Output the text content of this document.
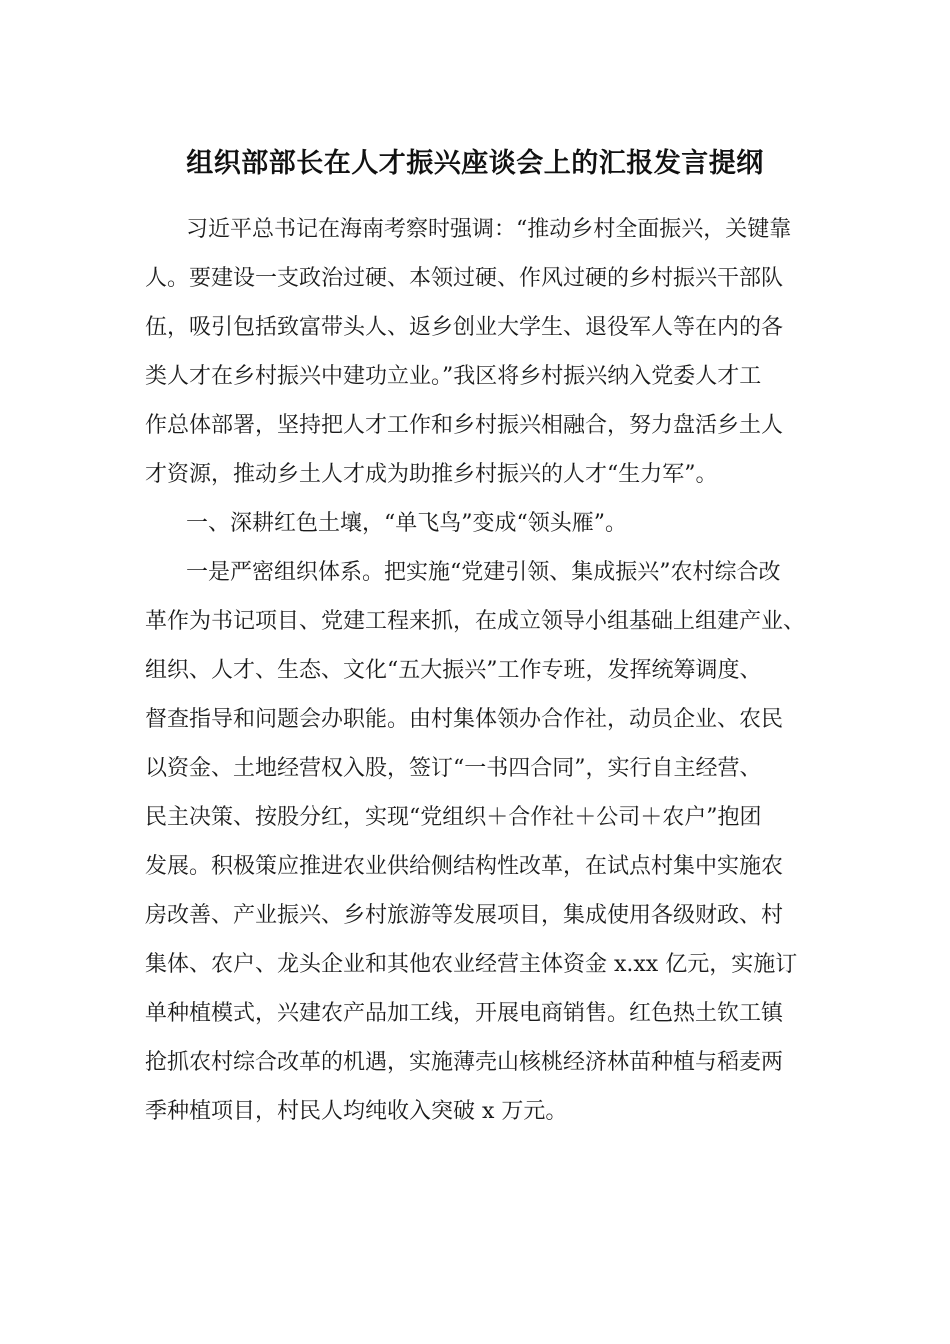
组织部部长在人才振兴座谈会上的汇报发言提纲
习近平总书记在海南考察时强调：“推动乡村全面振兴，关键靠
人。要建设一支政治过硬、本领过硬、作风过硬的乡村振兴干部队
伍，吸引包括致富带头人、返乡创业大学生、退役军人等在内的各
类人才在乡村振兴中建功立业。”我区将乡村振兴纳入党委人才工
作总体部署，坚持把人才工作和乡村振兴相融合，努力盘活乡土人
才资源，推动乡土人才成为助推乡村振兴的人才“生力军”。
一、深耕红色土壤，“单飞鸟”变成“领头雁”。
一是严密组织体系。把实施“党建引领、集成振兴”农村综合改
革作为书记项目、党建工程来抓，在成立领导小组基础上组建产业、
组织、人才、生态、文化“五大振兴”工作专班，发挥统筹调度、
督查指导和问题会办职能。由村集体领办合作社，动员企业、农民
以资金、土地经营权入股，签订“一书四合同”，实行自主经营、
民主决策、按股分红，实现“党组织＋合作社＋公司＋农户”抱团
发展。积极策应推进农业供给侧结构性改革，在试点村集中实施农
房改善、产业振兴、乡村旅游等发展项目，集成使用各级财政、村
集体、农户、龙头企业和其他农业经营主体资金 x.xx 亿元，实施订
单种植模式，兴建农产品加工线，开展电商销售。红色热土钦工镇
抢抓农村综合改革的机遇，实施薄壳山核桃经济林苗种植与稻麦两
季种植项目，村民人均纯收入突破 x 万元。
